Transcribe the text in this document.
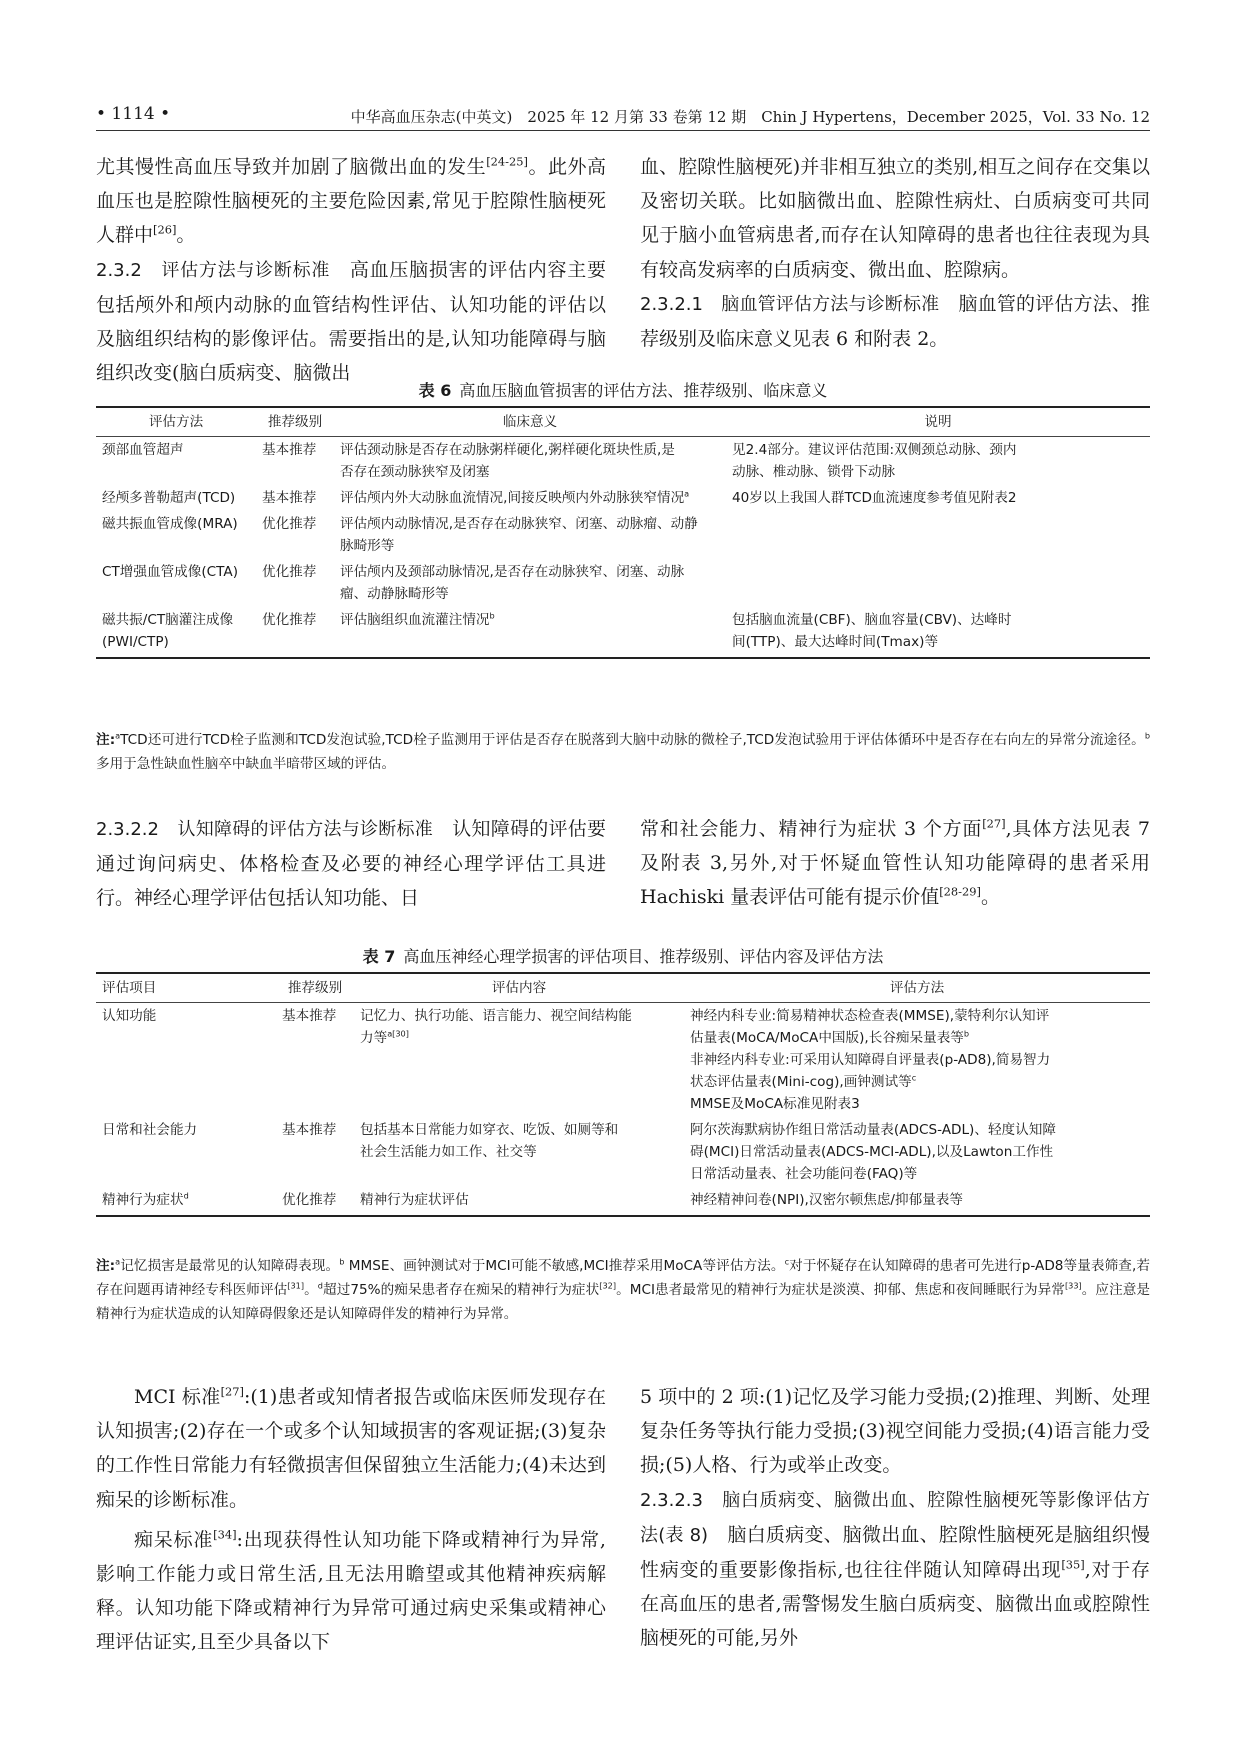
• 1114 •	中华高血压杂志(中英文)　2025 年 12 月第 33 卷第 12 期　Chin J Hypertens，December 2025，Vol. 33 No. 12

尤其慢性高血压导致并加剧了脑微出血的发生[24-25]。此外高血压也是腔隙性脑梗死的主要危险因素,常见于腔隙性脑梗死人群中[26]。

2.3.2　评估方法与诊断标准　高血压脑损害的评估内容主要包括颅外和颅内动脉的血管结构性评估、认知功能的评估以及脑组织结构的影像评估。需要指出的是,认知功能障碍与脑组织改变(脑白质病变、脑微出

血、腔隙性脑梗死)并非相互独立的类别,相互之间存在交集以及密切关联。比如脑微出血、腔隙性病灶、白质病变可共同见于脑小血管病患者,而存在认知障碍的患者也往往表现为具有较高发病率的白质病变、微出血、腔隙病。

2.3.2.1　脑血管评估方法与诊断标准　脑血管的评估方法、推荐级别及临床意义见表 6 和附表 2。

表 6 高血压脑血管损害的评估方法、推荐级别、临床意义
评估方法	推荐级别	临床意义	说明
颈部血管超声	基本推荐	评估颈动脉是否存在动脉粥样硬化,粥样硬化斑块性质,是
否存在颈动脉狭窄及闭塞	见2.4部分。建议评估范围:双侧颈总动脉、颈内
动脉、椎动脉、锁骨下动脉

经颅多普勒超声(TCD)	基本推荐	评估颅内外大动脉血流情况,间接反映颅内外动脉狭窄情况$^a$	40岁以上我国人群TCD血流速度参考值见附表2
磁共振血管成像(MRA)	优化推荐	评估颅内动脉情况,是否存在动脉狭窄、闭塞、动脉瘤、动静
脉畸形等	

CT增强血管成像(CTA)	优化推荐	评估颅内及颈部动脉情况,是否存在动脉狭窄、闭塞、动脉
瘤、动静脉畸形等	

磁共振/CT脑灌注成像
(PWI/CTP)	优化推荐	评估脑组织血流灌注情况$^b$	包括脑血流量(CBF)、脑血容量(CBV)、达峰时
间(TTP)、最大达峰时间(Tmax)等
注:$^a$TCD还可进行TCD栓子监测和TCD发泡试验,TCD栓子监测用于评估是否存在脱落到大脑中动脉的微栓子,TCD发泡试验用于评估体循环中是否存在右向左的异常分流途径。$^b$多用于急性缺血性脑卒中缺血半暗带区域的评估。

2.3.2.2　认知障碍的评估方法与诊断标准　认知障碍的评估要通过询问病史、体格检查及必要的神经心理学评估工具进行。神经心理学评估包括认知功能、日

常和社会能力、精神行为症状 3 个方面[27],具体方法见表 7 及附表 3,另外,对于怀疑血管性认知功能障碍的患者采用 Hachiski 量表评估可能有提示价值[28-29]。

表 7 高血压神经心理学损害的评估项目、推荐级别、评估内容及评估方法
评估项目	推荐级别	评估内容	评估方法
认知功能	基本推荐	记忆力、执行功能、语言能力、视空间结构能
力等$^{a[30]}$	神经内科专业:简易精神状态检查表(MMSE),蒙特利尔认知评
估量表(MoCA/MoCA中国版),长谷痴呆量表等$^b$
非神经内科专业:可采用认知障碍自评量表(p-AD8),简易智力
状态评估量表(Mini-cog),画钟测试等$^c$
MMSE及MoCA标准见附表3

日常和社会能力	基本推荐	包括基本日常能力如穿衣、吃饭、如厕等和
社会生活能力如工作、社交等	阿尔茨海默病协作组日常活动量表(ADCS-ADL)、轻度认知障
碍(MCI)日常活动量表(ADCS-MCI-ADL),以及Lawton工作性
日常活动量表、社会功能问卷(FAQ)等

精神行为症状$^d$	优化推荐	精神行为症状评估	神经精神问卷(NPI),汉密尔顿焦虑/抑郁量表等
注:$^a$记忆损害是最常见的认知障碍表现。$^b$ MMSE、画钟测试对于MCI可能不敏感,MCI推荐采用MoCA等评估方法。$^c$对于怀疑存在认知障碍的患者可先进行p-AD8等量表筛查,若存在问题再请神经专科医师评估[31]。$^d$超过75%的痴呆患者存在痴呆的精神行为症状[32]。MCI患者最常见的精神行为症状是淡漠、抑郁、焦虑和夜间睡眠行为异常[33]。应注意是精神行为症状造成的认知障碍假象还是认知障碍伴发的精神行为异常。

MCI 标准[27]:(1)患者或知情者报告或临床医师发现存在认知损害;(2)存在一个或多个认知域损害的客观证据;(3)复杂的工作性日常能力有轻微损害但保留独立生活能力;(4)未达到痴呆的诊断标准。

痴呆标准[34]:出现获得性认知功能下降或精神行为异常,影响工作能力或日常生活,且无法用瞻望或其他精神疾病解释。认知功能下降或精神行为异常可通过病史采集或精神心理评估证实,且至少具备以下

5 项中的 2 项:(1)记忆及学习能力受损;(2)推理、判断、处理复杂任务等执行能力受损;(3)视空间能力受损;(4)语言能力受损;(5)人格、行为或举止改变。

2.3.2.3　脑白质病变、脑微出血、腔隙性脑梗死等影像评估方法(表 8)　脑白质病变、脑微出血、腔隙性脑梗死是脑组织慢性病变的重要影像指标,也往往伴随认知障碍出现[35],对于存在高血压的患者,需警惕发生脑白质病变、脑微出血或腔隙性脑梗死的可能,另外
